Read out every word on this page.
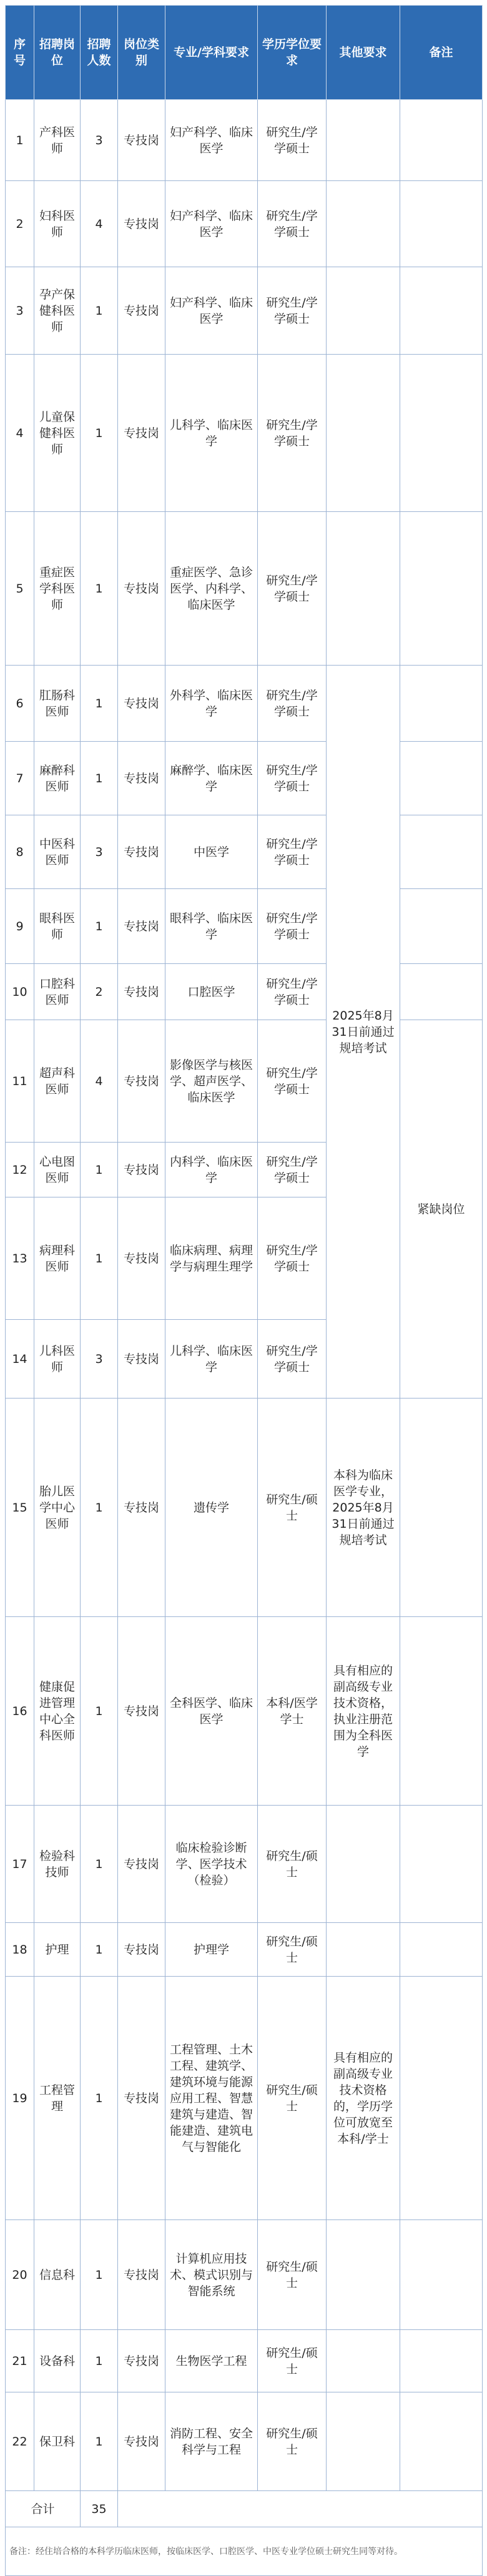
序号	招聘岗位	招聘人数	岗位类别	专业/学科要求	学历学位要求	其他要求	备注
1	产科医师	3	专技岗	妇产科学、临床医学	研究生/学学硕士		
2	妇科医师	4	专技岗	妇产科学、临床医学	研究生/学学硕士		
3	孕产保健科医师	1	专技岗	妇产科学、临床医学	研究生/学学硕士		
4	儿童保健科医师	1	专技岗	儿科学、临床医学	研究生/学学硕士		
5	重症医学科医师	1	专技岗	重症医学、急诊医学、内科学、临床医学	研究生/学学硕士		
6	肛肠科医师	1	专技岗	外科学、临床医学	研究生/学学硕士	2025年8月31日前通过规培考试	
7	麻醉科医师	1	专技岗	麻醉学、临床医学	研究生/学学硕士		
8	中医科医师	3	专技岗	中医学	研究生/学学硕士		
9	眼科医师	1	专技岗	眼科学、临床医学	研究生/学学硕士		
10	口腔科医师	2	专技岗	口腔医学	研究生/学学硕士		
11	超声科医师	4	专技岗	影像医学与核医学、超声医学、临床医学	研究生/学学硕士		紧缺岗位
12	心电图医师	1	专技岗	内科学、临床医学	研究生/学学硕士		
13	病理科医师	1	专技岗	临床病理、病理学与病理生理学	研究生/学学硕士		
14	儿科医师	3	专技岗	儿科学、临床医学	研究生/学学硕士		
15	胎儿医学中心医师	1	专技岗	遗传学	研究生/硕士	本科为临床医学专业，2025年8月31日前通过规培考试	
16	健康促进管理中心全科医师	1	专技岗	全科医学、临床医学	本科/医学学士	具有相应的副高级专业技术资格，执业注册范围为全科医学	
17	检验科技师	1	专技岗	临床检验诊断学、医学技术（检验）	研究生/硕士		
18	护理	1	专技岗	护理学	研究生/硕士		
19	工程管理	1	专技岗	工程管理、土木工程、建筑学、建筑环境与能源应用工程、智慧建筑与建造、智能建造、建筑电气与智能化	研究生/硕士	具有相应的副高级专业技术资格的，学历学位可放宽至本科/学士	
20	信息科	1	专技岗	计算机应用技术、模式识别与智能系统	研究生/硕士		
21	设备科	1	专技岗	生物医学工程	研究生/硕士		
22	保卫科	1	专技岗	消防工程、安全科学与工程	研究生/硕士		
合计		35					
备注：经住培合格的本科学历临床医师，按临床医学、口腔医学、中医专业学位硕士研究生同等对待。							
